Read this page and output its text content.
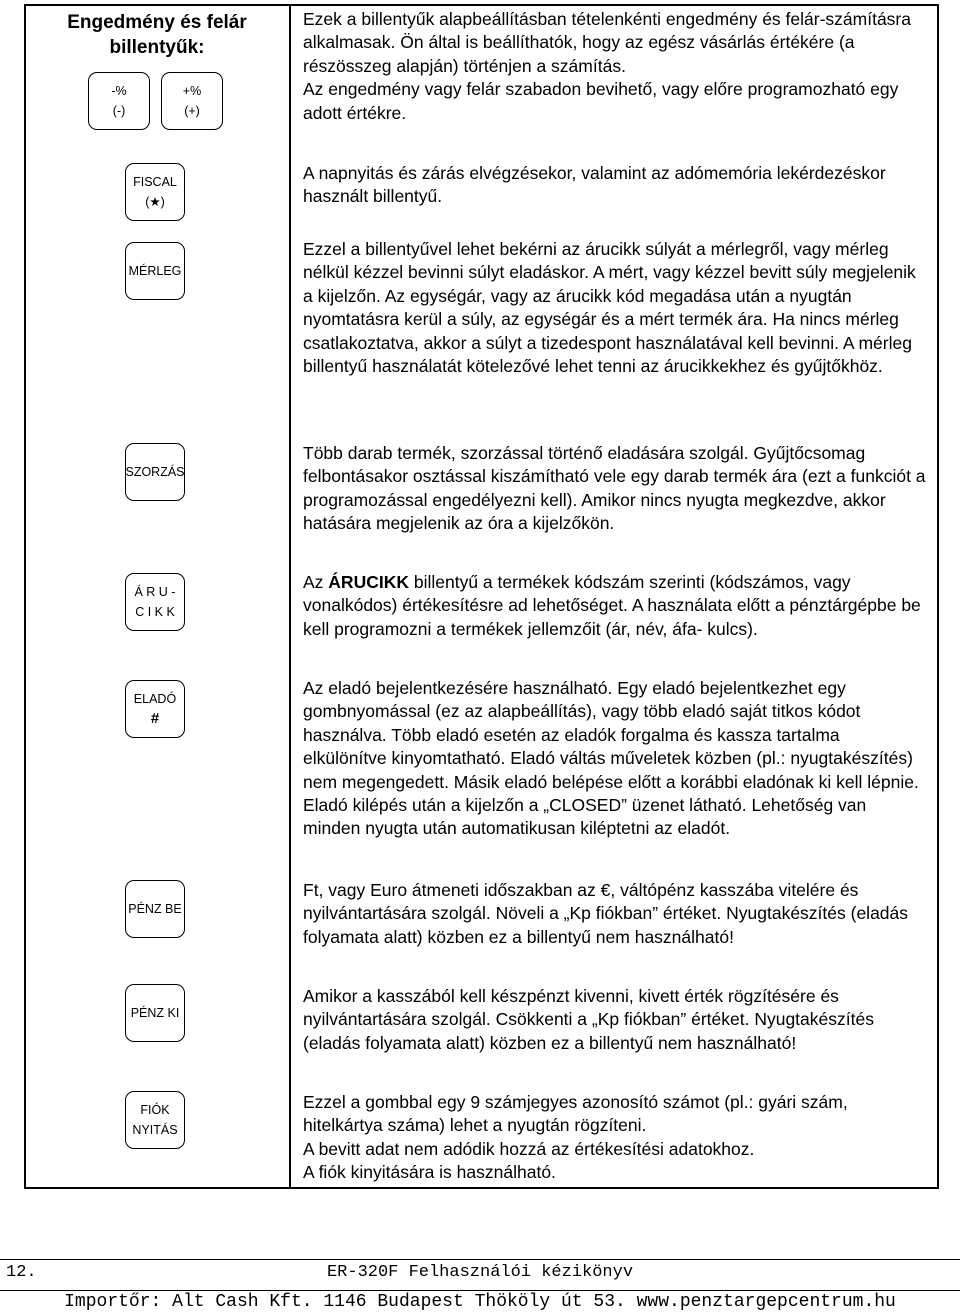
Engedmény és felár billentyűk:
-%
(-)
+%
(+)
FISCAL
(★)
MÉRLEG
SZORZÁS
Á R U -
C I K K
ELADÓ
#
PÉNZ BE
PÉNZ KI
FIÓK
NYITÁS

Ezek a billentyűk alapbeállításban tételenkénti engedmény és felár-számításra alkalmasak. Ön által is beállíthatók, hogy az egész vásárlás értékére (a részösszeg alapján) történjen a számítás.

Az engedmény vagy felár szabadon bevihető, vagy előre programozható egy adott értékre.

A napnyitás és zárás elvégzésekor, valamint az adómemória lekérdezéskor használt billentyű.

Ezzel a billentyűvel lehet bekérni az árucikk súlyát a mérlegről, vagy mérleg nélkül kézzel bevinni súlyt eladáskor. A mért, vagy kézzel bevitt súly megjelenik a kijelzőn. Az egységár, vagy az árucikk kód megadása után a nyugtán nyomtatásra kerül a súly, az egységár és a mért termék ára. Ha nincs mérleg csatlakoztatva, akkor a súlyt a tizedespont használatával kell bevinni. A mérleg billentyű használatát kötelezővé lehet tenni az árucikkekhez és gyűjtőkhöz.

Több darab termék, szorzással történő eladására szolgál. Gyűjtőcsomag felbontásakor osztással kiszámítható vele egy darab termék ára (ezt a funkciót a programozással engedélyezni kell). Amikor nincs nyugta megkezdve, akkor hatására megjelenik az óra a kijelzőkön.

Az ÁRUCIKK billentyű a termékek kódszám szerinti (kódszámos, vagy vonalkódos) értékesítésre ad lehetőséget. A használata előtt a pénztárgépbe be kell programozni a termékek jellemzőit (ár, név, áfa- kulcs).

Az eladó bejelentkezésére használható. Egy eladó bejelentkezhet egy gombnyomással (ez az alapbeállítás), vagy több eladó saját titkos kódot használva. Több eladó esetén az eladók forgalma és kassza tartalma elkülönítve kinyomtatható. Eladó váltás műveletek közben (pl.: nyugtakészítés) nem megengedett. Másik eladó belépése előtt a korábbi eladónak ki kell lépnie. Eladó kilépés után a kijelzőn a „CLOSED” üzenet látható. Lehetőség van minden nyugta után automatikusan kiléptetni az eladót.

Ft, vagy Euro átmeneti időszakban az €, váltópénz kasszába vitelére és nyilvántartására szolgál. Növeli a „Kp fiókban” értéket. Nyugtakészítés (eladás folyamata alatt) közben ez a billentyű nem használható!

Amikor a kasszából kell készpénzt kivenni, kivett érték rögzítésére és nyilvántartására szolgál. Csökkenti a „Kp fiókban” értéket. Nyugtakészítés (eladás folyamata alatt) közben ez a billentyű nem használható!

Ezzel a gombbal egy 9 számjegyes azonosító számot (pl.: gyári szám, hitelkártya száma) lehet a nyugtán rögzíteni.

A bevitt adat nem adódik hozzá az értékesítési adatokhoz.

A fiók kinyitására is használható.

12.	ER-320F Felhasználói kézikönyv
Importőr: Alt Cash Kft. 1146 Budapest Thököly út 53. www.penztargepcentrum.hu
